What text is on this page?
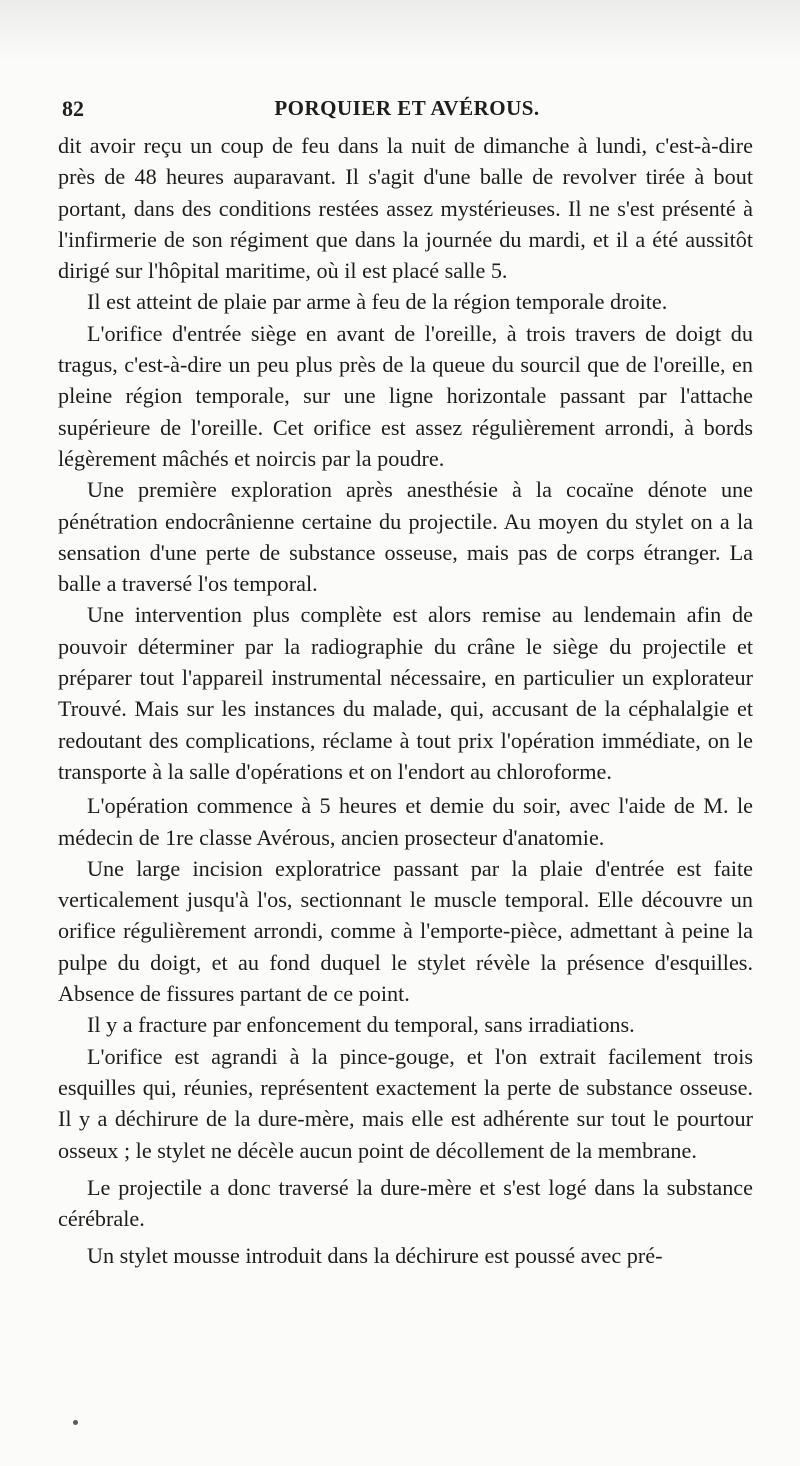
82	PORQUIER ET AVÉROUS.

dit avoir reçu un coup de feu dans la nuit de dimanche à lundi, c'est-à-dire près de 48 heures auparavant. Il s'agit d'une balle de revolver tirée à bout portant, dans des conditions restées assez mystérieuses. Il ne s'est présenté à l'infirmerie de son régiment que dans la journée du mardi, et il a été aussitôt dirigé sur l'hôpital maritime, où il est placé salle 5.

Il est atteint de plaie par arme à feu de la région temporale droite.

L'orifice d'entrée siège en avant de l'oreille, à trois travers de doigt du tragus, c'est-à-dire un peu plus près de la queue du sourcil que de l'oreille, en pleine région temporale, sur une ligne horizontale passant par l'attache supérieure de l'oreille. Cet orifice est assez régulièrement arrondi, à bords légèrement mâchés et noircis par la poudre.

Une première exploration après anesthésie à la cocaïne dénote une pénétration endocrânienne certaine du projectile. Au moyen du stylet on a la sensation d'une perte de substance osseuse, mais pas de corps étranger. La balle a traversé l'os temporal.

Une intervention plus complète est alors remise au lendemain afin de pouvoir déterminer par la radiographie du crâne le siège du projectile et préparer tout l'appareil instrumental nécessaire, en particulier un explorateur Trouvé. Mais sur les instances du malade, qui, accusant de la céphalalgie et redoutant des complications, réclame à tout prix l'opération immédiate, on le transporte à la salle d'opérations et on l'endort au chloroforme.

L'opération commence à 5 heures et demie du soir, avec l'aide de M. le médecin de 1re classe Avérous, ancien prosecteur d'anatomie.

Une large incision exploratrice passant par la plaie d'entrée est faite verticalement jusqu'à l'os, sectionnant le muscle temporal. Elle découvre un orifice régulièrement arrondi, comme à l'emporte-pièce, admettant à peine la pulpe du doigt, et au fond duquel le stylet révèle la présence d'esquilles. Absence de fissures partant de ce point.

Il y a fracture par enfoncement du temporal, sans irradiations.

L'orifice est agrandi à la pince-gouge, et l'on extrait facilement trois esquilles qui, réunies, représentent exactement la perte de substance osseuse. Il y a déchirure de la dure-mère, mais elle est adhérente sur tout le pourtour osseux ; le stylet ne décèle aucun point de décollement de la membrane.

Le projectile a donc traversé la dure-mère et s'est logé dans la substance cérébrale.

Un stylet mousse introduit dans la déchirure est poussé avec pré-
